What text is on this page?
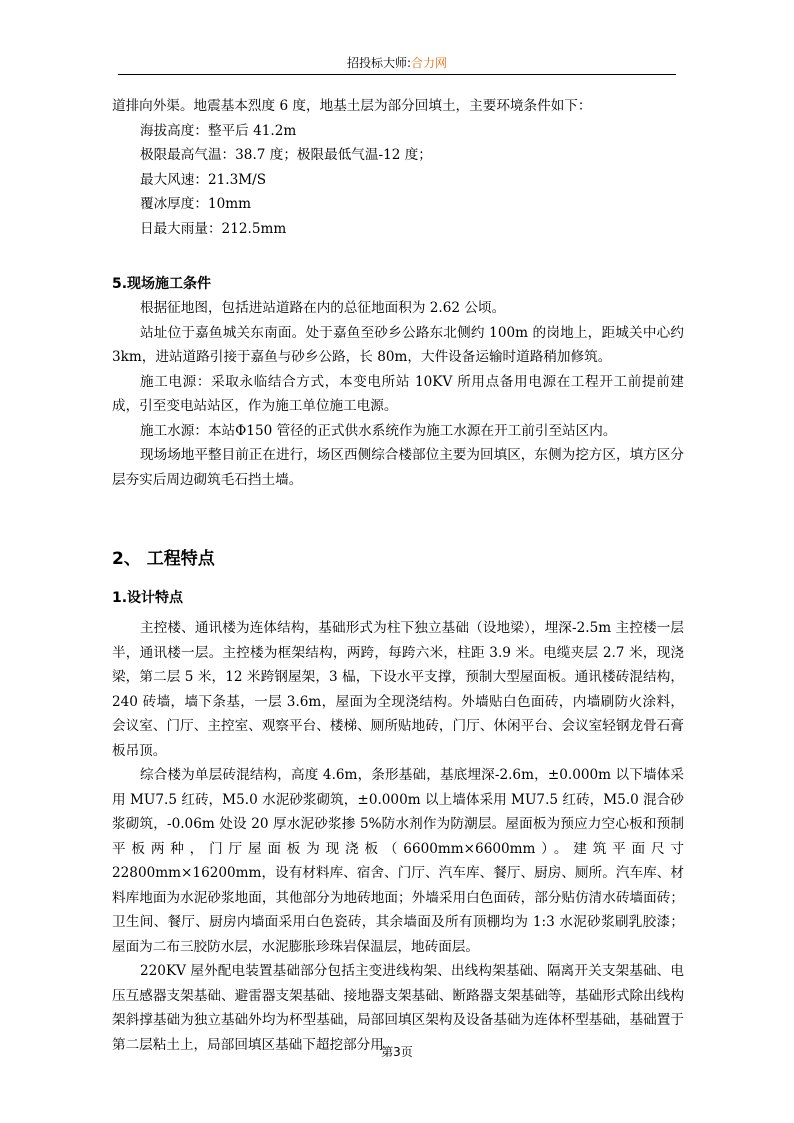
招投标大师:合力网

道排向外渠。地震基本烈度 6 度，地基土层为部分回填土，主要环境条件如下：

海拔高度：整平后 41.2m

极限最高气温：38.7 度；极限最低气温-12 度；

最大风速：21.3M/S

覆冰厚度：10mm

日最大雨量：212.5mm

5.现场施工条件

根据征地图，包括进站道路在内的总征地面积为 2.62 公顷。

站址位于嘉鱼城关东南面。处于嘉鱼至砂乡公路东北侧约 100m 的岗地上，距城关中心约 3km，进站道路引接于嘉鱼与砂乡公路，长 80m，大件设备运输时道路稍加修筑。

施工电源：采取永临结合方式，本变电所站 10KV 所用点备用电源在工程开工前提前建成，引至变电站站区，作为施工单位施工电源。

施工水源：本站Φ150 管径的正式供水系统作为施工水源在开工前引至站区内。

现场场地平整目前正在进行，场区西侧综合楼部位主要为回填区，东侧为挖方区，填方区分层夯实后周边砌筑毛石挡土墙。

2、 工程特点
1.设计特点

主控楼、通讯楼为连体结构，基础形式为柱下独立基础（设地梁），埋深-2.5m 主控楼一层半，通讯楼一层。主控楼为框架结构，两跨，每跨六米，柱距 3.9 米。电缆夹层 2.7 米，现浇梁，第二层 5 米，12 米跨钢屋架，3 榀，下设水平支撑，预制大型屋面板。通讯楼砖混结构，240 砖墙，墙下条基，一层 3.6m，屋面为全现浇结构。外墙贴白色面砖，内墙刷防火涂料，会议室、门厅、主控室、观察平台、楼梯、厕所贴地砖，门厅、休闲平台、会议室轻钢龙骨石膏板吊顶。

综合楼为单层砖混结构，高度 4.6m，条形基础，基底埋深-2.6m，±0.000m 以下墙体采用 MU7.5 红砖，M5.0 水泥砂浆砌筑，±0.000m 以上墙体采用 MU7.5 红砖，M5.0 混合砂浆砌筑，-0.06m 处设 20 厚水泥砂浆掺 5%防水剂作为防潮层。屋面板为预应力空心板和预制平板两种，门厅屋面板为现浇板（6600mm×6600mm）。建筑平面尺寸 22800mm×16200mm，设有材料库、宿舍、门厅、汽车库、餐厅、厨房、厕所。汽车库、材料库地面为水泥砂浆地面，其他部分为地砖地面；外墙采用白色面砖，部分贴仿清水砖墙面砖；卫生间、餐厅、厨房内墙面采用白色瓷砖，其余墙面及所有顶棚均为 1:3 水泥砂浆刷乳胶漆；屋面为二布三胶防水层，水泥膨胀珍珠岩保温层，地砖面层。

220KV 屋外配电装置基础部分包括主变进线构架、出线构架基础、隔离开关支架基础、电压互感器支架基础、避雷器支架基础、接地器支架基础、断路器支架基础等，基础形式除出线构架斜撑基础为独立基础外均为杯型基础，局部回填区架构及设备基础为连体杯型基础，基础置于第二层粘土上，局部回填区基础下超挖部分用

第3页
